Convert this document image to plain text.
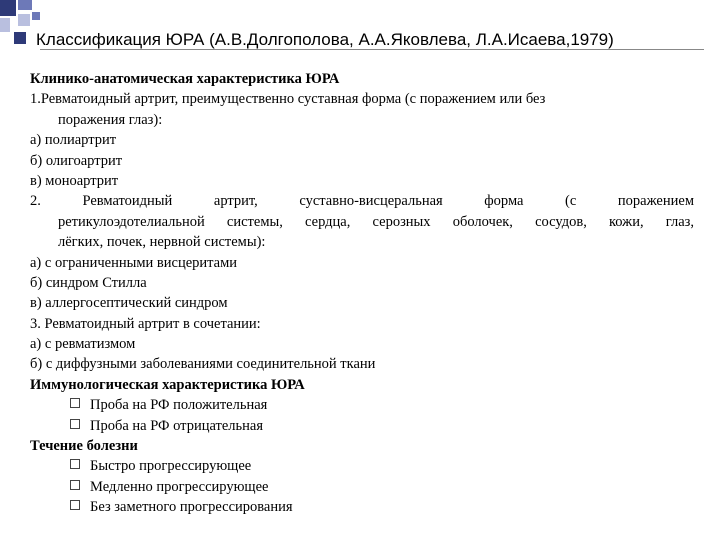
Классификация ЮРА (А.В.Долгополова, А.А.Яковлева, Л.А.Исаева,1979)
Клинико-анатомическая характеристика ЮРА
1.Ревматоидный артрит, преимущественно суставная форма (с поражением или без
поражения глаз):
а) полиартрит
б) олигоартрит
в) моноартрит
2. Ревматоидный артрит, суставно-висцеральная форма (с поражением
ретикулоэдотелиальной системы, сердца, серозных оболочек, сосудов, кожи, глаз,
лёгких, почек, нервной системы):
а) с ограниченными висцеритами
б) синдром Стилла
в) аллергосептический синдром
3. Ревматоидный артрит в сочетании:
а) с ревматизмом
б) с диффузными заболеваниями соединительной ткани
Иммунологическая характеристика ЮРА
Проба на РФ положительная
Проба на РФ отрицательная
Течение болезни
Быстро прогрессирующее
Медленно прогрессирующее
Без заметного прогрессирования
